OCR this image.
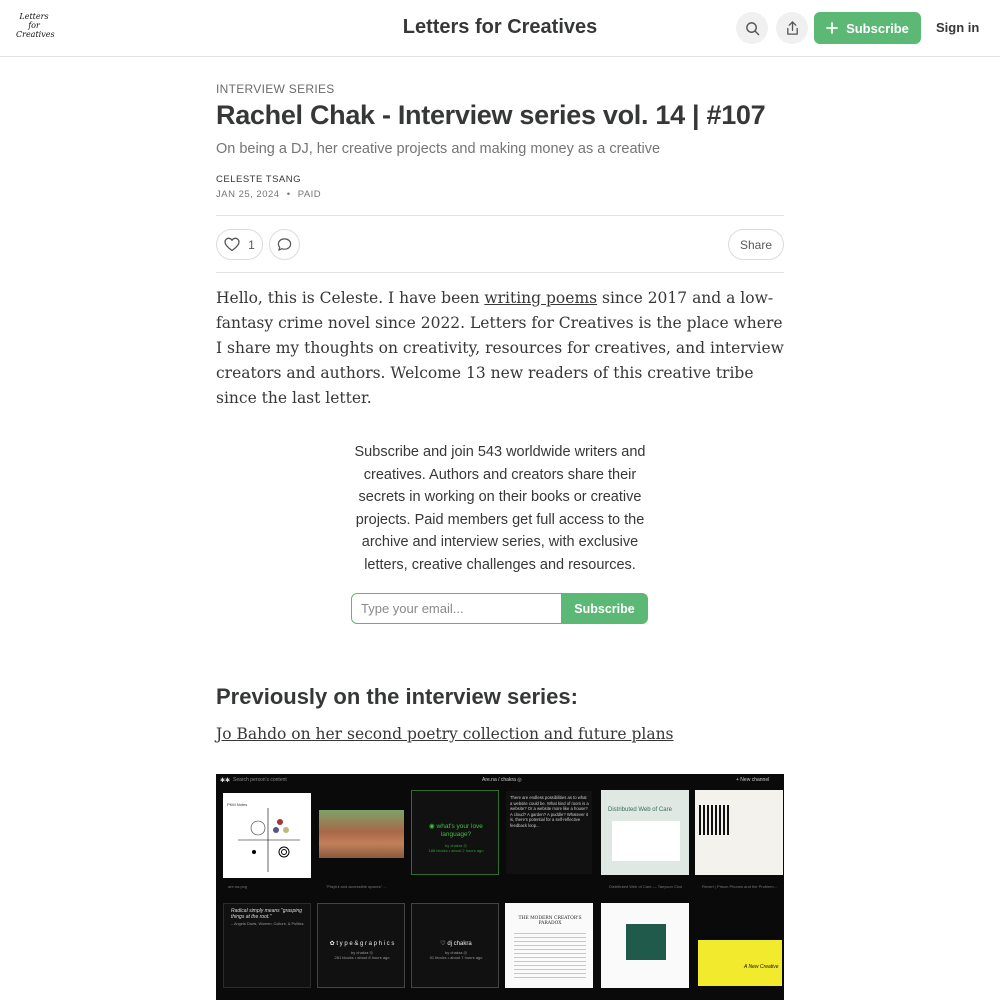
Letters
for
Creatives	Letters for Creatives	Subscribe Sign in
INTERVIEW SERIES
Rachel Chak - Interview series vol. 14 | #107
On being a DJ, her creative projects and making money as a creative
CELESTE TSANG
JAN 25, 2024 • PAID
1	Share
Hello, this is Celeste. I have been writing poems since 2017 and a low-fantasy crime novel since 2022. Letters for Creatives is the place where I share my thoughts on creativity, resources for creatives, and interview creators and authors. Welcome 13 new readers of this creative tribe since the last letter.
Subscribe and join 543 worldwide writers and creatives. Authors and creators share their secrets in working on their books or creative projects. Paid members get full access to the archive and interview series, with exclusive letters, creative challenges and resources.
Type your email...	Subscribe
Previously on the interview series:
Jo Bahdo on her second poetry collection and future plans
✱✱ Search person's content	Are.na / chakra ◎	+ New channel
PKM Notes
are.na.png	"Playful and accessible spaces" ...
◉ what's your love language?
by chakra ◎
188 blocks • about 2 hours ago
There are endless possibilities as to what a website could be. What kind of room is a website? Or a website more like a house? A cloud? A garden? A puddle? Whatever it is, there's potential for a self-reflective feedback loop...
Distributed Web of Care
Distributed Web of Care — Taeyoon Choi	Revert | Prison Phones and the Problem...
Radical simply means "grasping things at the root."
– Angela Davis, Women, Culture, & Politics
✿ t y p e & g r a p h i c s
by chakra ◎
281 blocks • about 8 hours ago
♡ dj chakra
by chakra ◎
51 blocks • about 7 hours ago
THE MODERN CREATOR'S PARADOX
A New Creative
